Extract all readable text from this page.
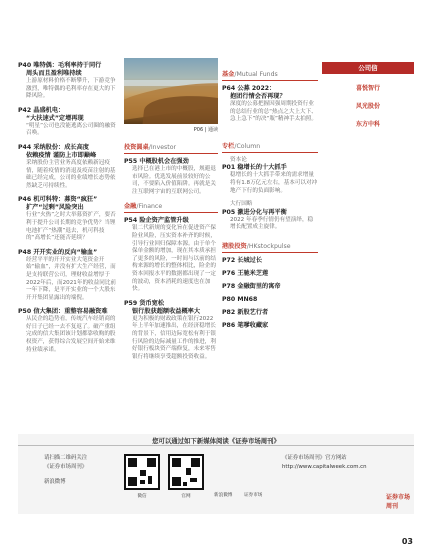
P40 唯特偶：毛利率持于同行
周头而且盈利唯持续
上游原材料价格不断攀升，下游竞争激烈，唯特偶的毛利率存在更大的下降风险。
P42 晶盛机电：
“大扶速式”定增再现
“明星”公司也没能逃离公司圈的融资召唤。
P44 采纳股份：成长高度
依赖疫情 谨防上市即巅峰
采纳股份主营业务高度依赖新冠疫情，随着疫情的消退及疫苗注射的基础已经完成，公司的业绩增长态势依然缺乏可持续性。
P46 机可科特：募资“疯狂”
扩产“过剩”风险突出
行业“火热”之时大举募资扩产，要否利于提升公司长期的竞争优势？当锂电池扩产“热潮”退去，机可科技的“高增长”还能否延续？
P48 开开实业的反向“输血”
经营平平的开开实业大笔资金开始“输血”，并没有扩大生产经营，而是支持联营公司，理财收益增厚于2022年后，而2021年的收益同比前一年下降，是平开实业的一个大股东开开集团显露出的端倪。
P50 信大集团：重整容易融资难
从民企的趋势看，传统汽车经销商的好日子已经一去不复返了。破产重组完成的信大集团该计划都靠收购的股权资产，获得综合发展空间开始来维持业绩承诺。
P06 | 通读
投资圆桌/Investor
P55 中概股机会在强劲
选择已在港上市的中概股，规避退市风险。优选发展前景较好的公司，不要陷入价值陷阱。再就是关注互联网宇宙的互联网公司。
金融/Finance
P54 险企资产监管升级
银二代新规的变化旨在促进资产保险业风险，压实资本补齐的时候，引导行业回归保障本源。由于单个保单金额的增加，现在其本质承担了更多的风险，一时间与以前的结构来源的增长的整体相比，险企的资本回报水平的数据都出现了一定的波动，资本消耗的速度也在加快。
P59 货币宽松
银行股获超额收益概率大
更为积极的财政政策在银行2022年上半年加速推出，在经济稳增长的背景下，信用边际宽松有利于银行风险的边际减量工作的推进，利好银行板块资产端修复，未来零售银行将继续享受超额投资收益。
基金/Mutual Funds
P64 公募 2022：
抱团行情会否再现？
深度的公募把握因强周期投资行业的总结行业的总“热点之大上大下、急上急下”的决“瓶”精神手太拍照。
专栏/Column
资本论
P01 稳增长的十大抓手
稳增长的十大抓手带来的需求增量将有1.8万亿元左右，基本可以对冲地产下行的负面影响。
大行国略
P05 激进分化与再平衡
2022 年春季行情仍有望演绎，稳增长配置成主旋律。
港股投资/HKstockpulse
P72 长城过长
P76 王驰米芝莲
P78 金融街里的寓帝
P80 MN68
P82 新股艺行者
P86 笔嗲收藏家
公司信
喜悦智行
风光股份
东方中科
您可以通过如下新媒体阅读《证券市场周刊》
请扫描二维码关注
《证券市场周刊》
新浪微博
微信	官网	新浪微博	证券市场
《证券市场周刊》官方网站
http://www.capitalweek.com.cn
证券市场周刊
03
